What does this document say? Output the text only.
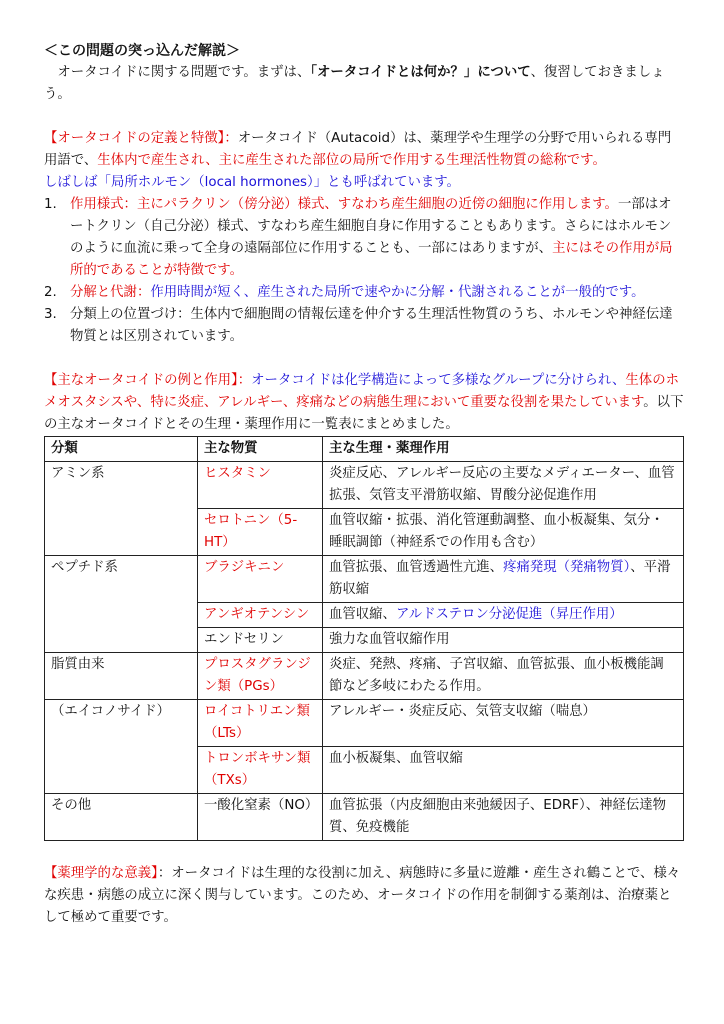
＜この問題の突っ込んだ解説＞

オータコイドに関する問題です。まずは、「オータコイドとは何か？」について、復習しておきましょう。

【オータコイドの定義と特徴】：オータコイド（Autacoid）は、薬理学や生理学の分野で用いられる専門用語で、生体内で産生され、主に産生された部位の局所で作用する生理活性物質の総称です。
しばしば「局所ホルモン（local hormones）」とも呼ばれています。

1. 作用様式：主にパラクリン（傍分泌）様式、すなわち産生細胞の近傍の細胞に作用します。一部はオートクリン（自己分泌）様式、すなわち産生細胞自身に作用することもあります。さらにはホルモンのように血流に乗って全身の遠隔部位に作用することも、一部にはありますが、主にはその作用が局所的であることが特徴です。
2. 分解と代謝：作用時間が短く、産生された局所で速やかに分解・代謝されることが一般的です。
3. 分類上の位置づけ：生体内で細胞間の情報伝達を仲介する生理活性物質のうち、ホルモンや神経伝達物質とは区別されています。

【主なオータコイドの例と作用】：オータコイドは化学構造によって多様なグループに分けられ、生体のホメオスタシスや、特に炎症、アレルギー、疼痛などの病態生理において重要な役割を果たしています。以下の主なオータコイドとその生理・薬理作用に一覧表にまとめました。

分類	主な物質	主な生理・薬理作用
アミン系	ヒスタミン	炎症反応、アレルギー反応の主要なメディエーター、血管拡張、気管支平滑筋収縮、胃酸分泌促進作用
	セロトニン（5-HT）	血管収縮・拡張、消化管運動調整、血小板凝集、気分・睡眠調節（神経系での作用も含む）
ペプチド系	ブラジキニン	血管拡張、血管透過性亢進、疼痛発現（発痛物質）、平滑筋収縮
	アンギオテンシン	血管収縮、アルドステロン分泌促進（昇圧作用）
	エンドセリン	強力な血管収縮作用
脂質由来	プロスタグランジン類（PGs）	炎症、発熱、疼痛、子宮収縮、血管拡張、血小板機能調節など多岐にわたる作用。
（エイコノサイド）	ロイコトリエン類（LTs）	アレルギー・炎症反応、気管支収縮（喘息）
	トロンボキサン類（TXs）	血小板凝集、血管収縮
その他	一酸化窒素（NO）	血管拡張（内皮細胞由来弛緩因子、EDRF）、神経伝達物質、免疫機能

【薬理学的な意義】：オータコイドは生理的な役割に加え、病態時に多量に遊離・産生され鶴ことで、様々な疾患・病態の成立に深く関与しています。このため、オータコイドの作用を制御する薬剤は、治療薬として極めて重要です。
